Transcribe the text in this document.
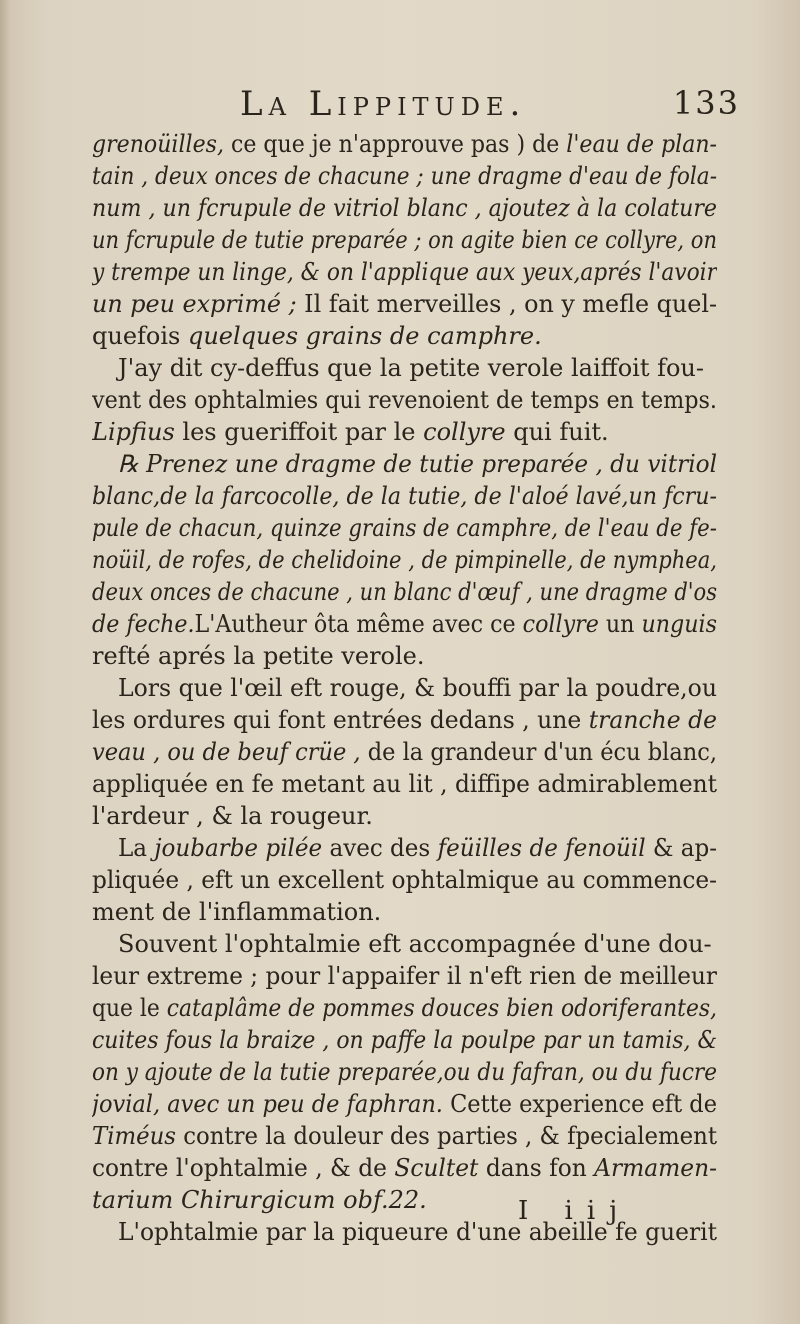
La Lippitude.	133
grenoüilles, ce que je n'approuve pas ) de l'eau de plan-
tain , deux onces de chacune ; une dragme d'eau de fola-
num , un fcrupule de vitriol blanc , ajoutez à la colature
un fcrupule de tutie preparée ; on agite bien ce collyre, on
y trempe un linge, & on l'applique aux yeux,aprés l'avoir
un peu exprimé ; Il fait merveilles , on y mefle quel-
quefois quelques grains de camphre.
J'ay dit cy-deffus que la petite verole laiffoit fou-
vent des ophtalmies qui revenoient de temps en temps.
Lipfius les gueriffoit par le collyre qui fuit.
℞ Prenez une dragme de tutie preparée , du vitriol
blanc,de la farcocolle, de la tutie, de l'aloé lavé,un fcru-
pule de chacun, quinze grains de camphre, de l'eau de fe-
noüil, de rofes, de chelidoine , de pimpinelle, de nymphea,
deux onces de chacune , un blanc d'œuf , une dragme d'os
de feche.L'Autheur ôta même avec ce collyre un unguis
refté aprés la petite verole.
Lors que l'œil eft rouge, & bouffi par la poudre,ou
les ordures qui font entrées dedans , une tranche de
veau , ou de beuf crüe , de la grandeur d'un écu blanc,
appliquée en fe metant au lit , diffipe admirablement
l'ardeur , & la rougeur.
La joubarbe pilée avec des feüilles de fenoüil & ap-
pliquée , eft un excellent ophtalmique au commence-
ment de l'inflammation.
Souvent l'ophtalmie eft accompagnée d'une dou-
leur extreme ; pour l'appaifer il n'eft rien de meilleur
que le cataplâme de pommes douces bien odoriferantes,
cuites fous la braize , on paffe la poulpe par un tamis, &
on y ajoute de la tutie preparée,ou du fafran, ou du fucre
jovial, avec un peu de faphran. Cette experience eft de
Timéus contre la douleur des parties , & fpecialement
contre l'ophtalmie , & de Scultet dans fon Armamen-
tarium Chirurgicum obf.22.
L'ophtalmie par la piqueure d'une abeille fe guerit
I iij
